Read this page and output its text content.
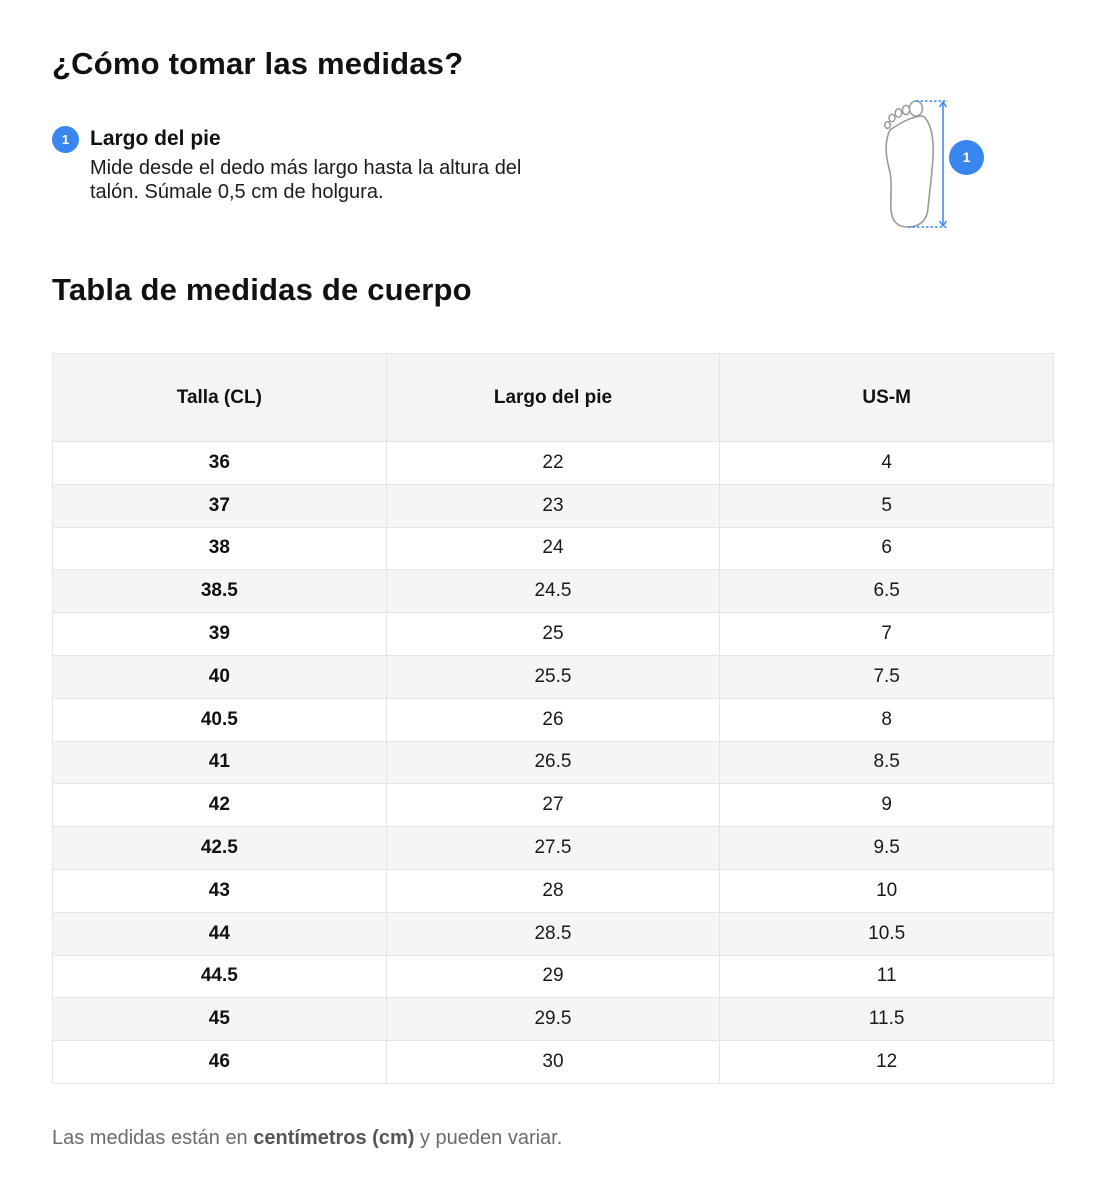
¿Cómo tomar las medidas?
1 Largo del pie

Mide desde el dedo más largo hasta la altura del talón. Súmale 0,5 cm de holgura.

1
Tabla de medidas de cuerpo
Talla (CL)	Largo del pie	US-M
36	22	4
37	23	5
38	24	6
38.5	24.5	6.5
39	25	7
40	25.5	7.5
40.5	26	8
41	26.5	8.5
42	27	9
42.5	27.5	9.5
43	28	10
44	28.5	10.5
44.5	29	11
45	29.5	11.5
46	30	12

Las medidas están en centímetros (cm) y pueden variar.
